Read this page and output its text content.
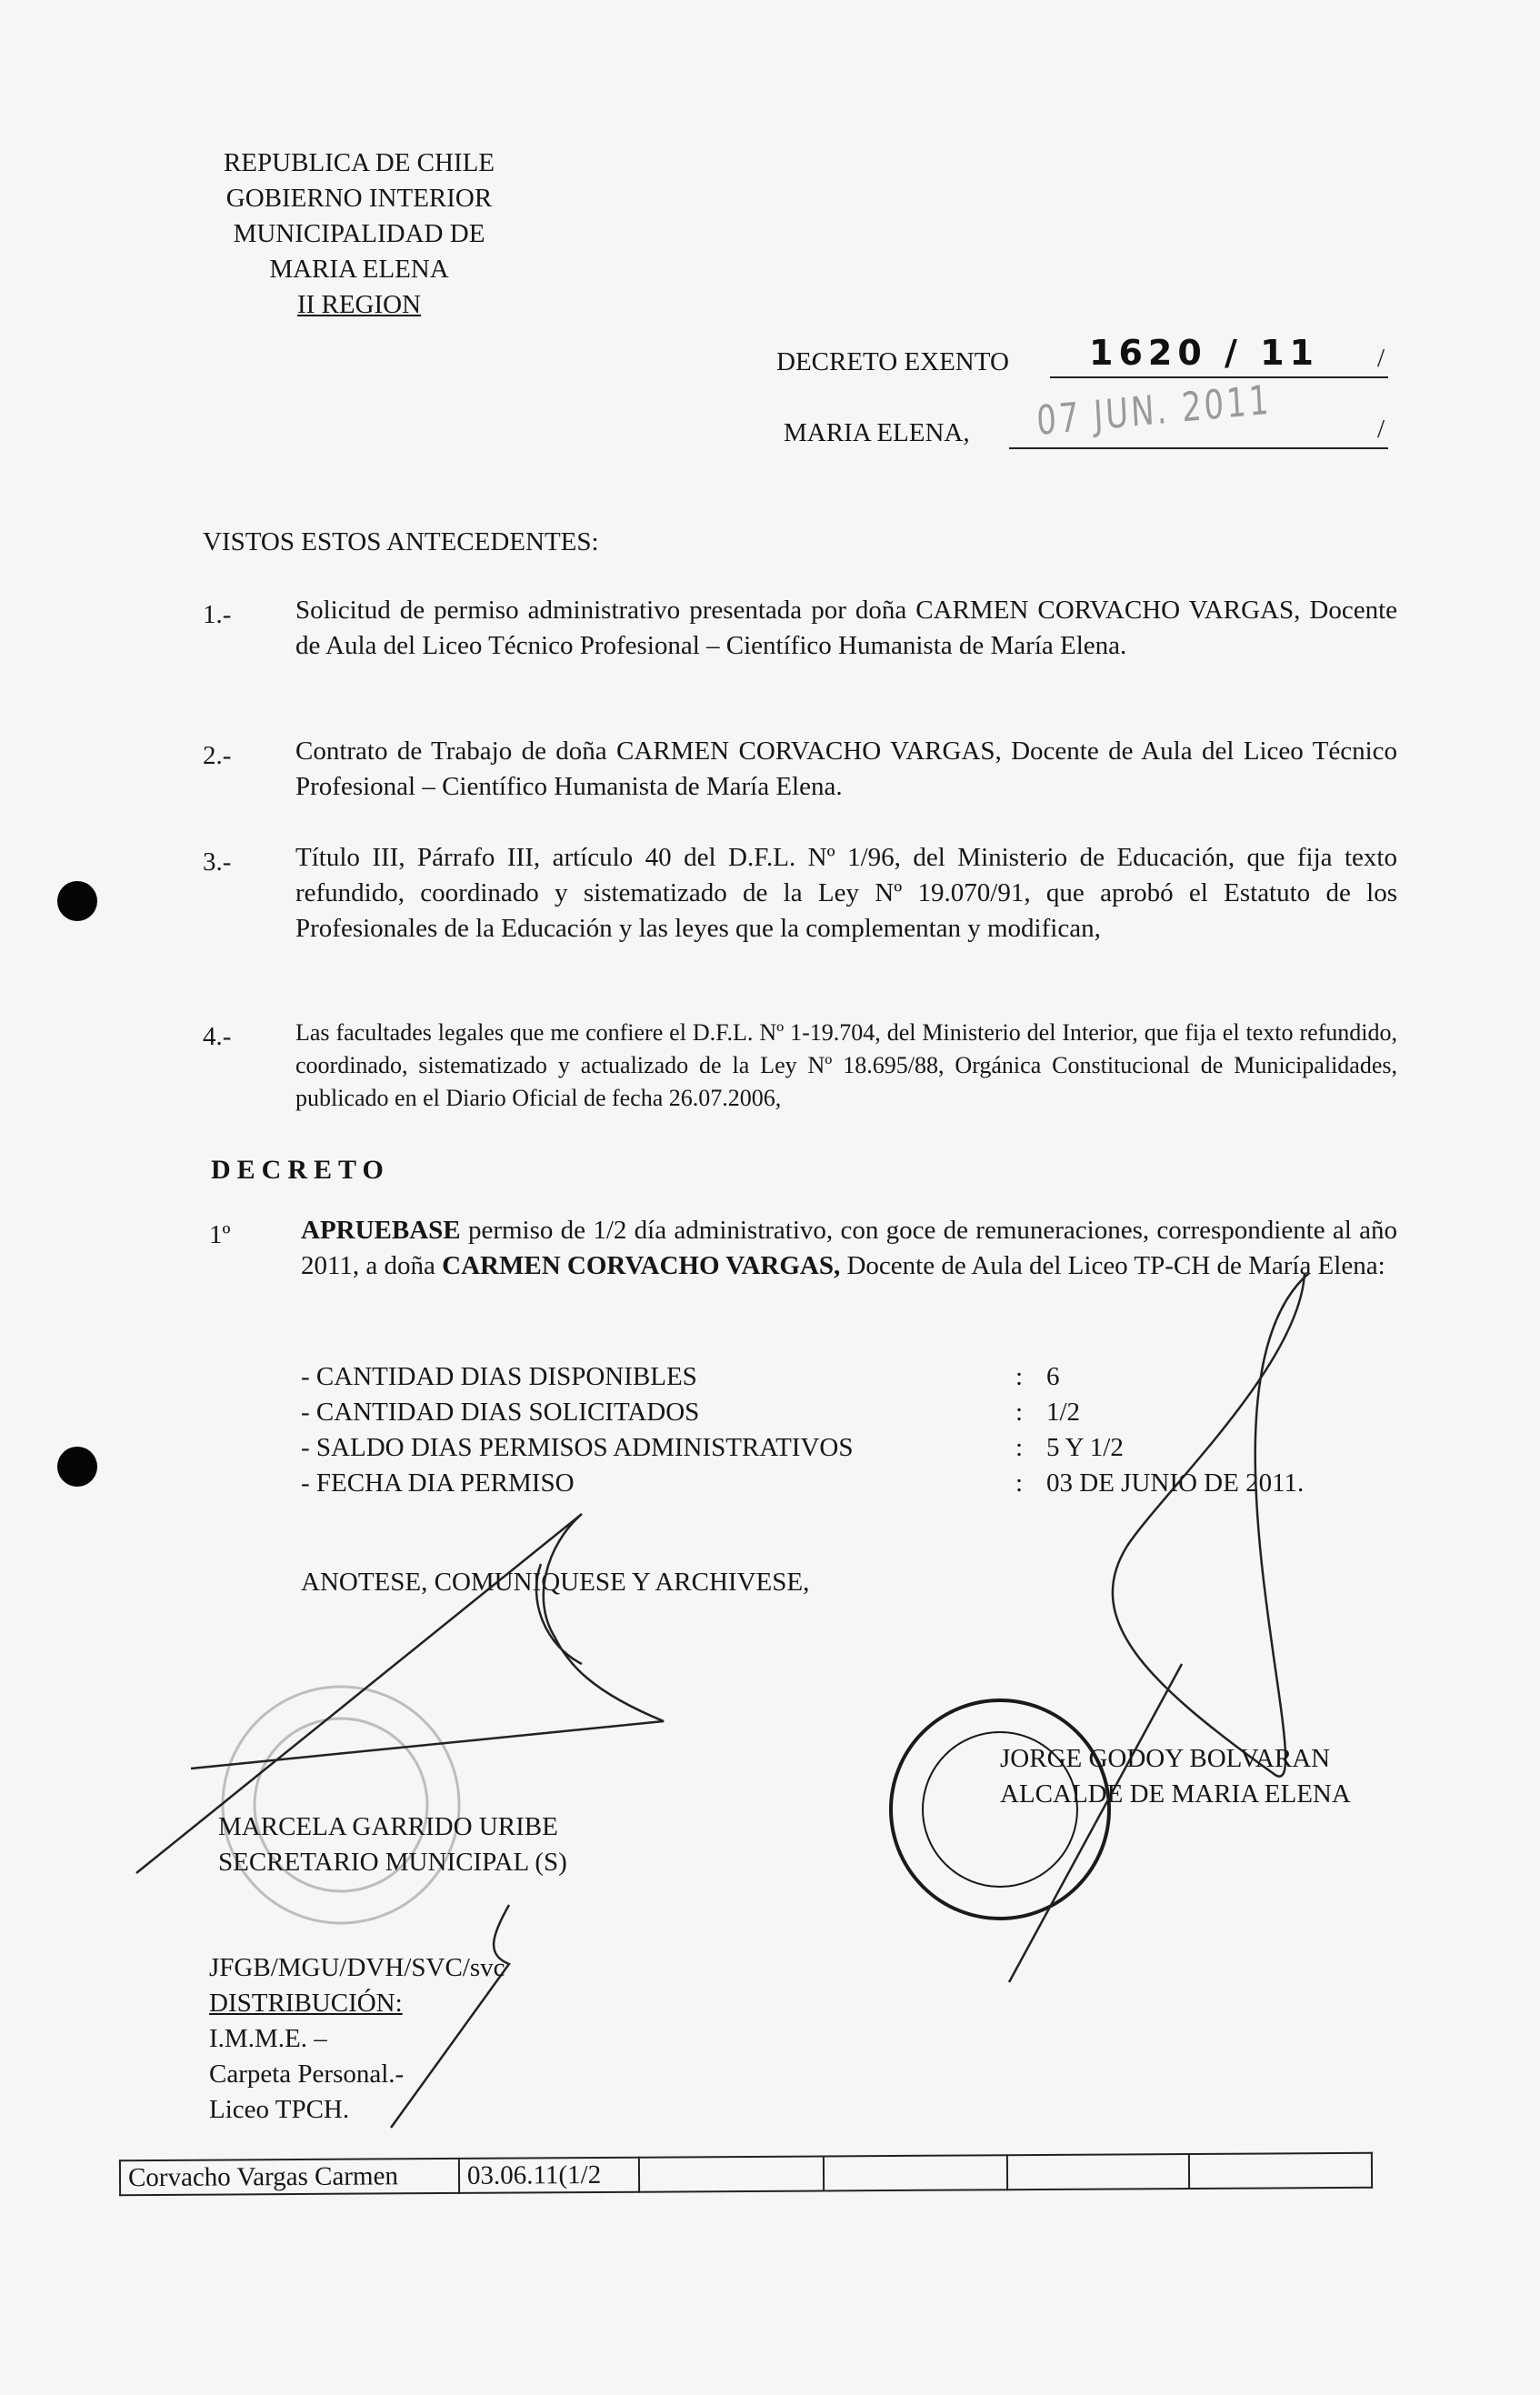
REPUBLICA DE CHILE
GOBIERNO INTERIOR
MUNICIPALIDAD DE
MARIA ELENA
II REGION
DECRETO EXENTO 1620 / 11 /
MARIA ELENA, 07 JUN. 2011	/
VISTOS ESTOS ANTECEDENTES:
1.- Solicitud de permiso administrativo presentada por doña CARMEN CORVACHO VARGAS, Docente de Aula del Liceo Técnico Profesional – Científico Humanista de María Elena.
2.- Contrato de Trabajo de doña CARMEN CORVACHO VARGAS, Docente de Aula del Liceo Técnico Profesional – Científico Humanista de María Elena.
3.- Título III, Párrafo III, artículo 40 del D.F.L. Nº 1/96, del Ministerio de Educación, que fija texto refundido, coordinado y sistematizado de la Ley Nº 19.070/91, que aprobó el Estatuto de los Profesionales de la Educación y las leyes que la complementan y modifican,
4.-	Las facultades legales que me confiere el D.F.L. Nº 1-19.704, del Ministerio del Interior, que fija el texto refundido, coordinado, sistematizado y actualizado de la Ley Nº 18.695/88, Orgánica Constitucional de Municipalidades, publicado en el Diario Oficial de fecha 26.07.2006,
DECRETO
1º	APRUEBASE permiso de 1/2 día administrativo, con goce de remuneraciones, correspondiente al año 2011, a doña CARMEN CORVACHO VARGAS, Docente de Aula del Liceo TP-CH de María Elena:
- CANTIDAD DIAS DISPONIBLES	: 6
- CANTIDAD DIAS SOLICITADOS	: 1/2
- SALDO DIAS PERMISOS ADMINISTRATIVOS	: 5 Y 1/2
- FECHA DIA PERMISO	: 03 DE JUNIO DE 2011.
ANOTESE, COMUNIQUESE Y ARCHIVESE,
MARCELA GARRIDO URIBE
SECRETARIO MUNICIPAL (S)
JORGE GODOY BOLVARAN
ALCALDE DE MARIA ELENA
JFGB/MGU/DVH/SVC/svc
DISTRIBUCIÓN:
I.M.M.E. –
Carpeta Personal.-
Liceo TPCH.
Corvacho Vargas Carmen	03.06.11(1/2				
